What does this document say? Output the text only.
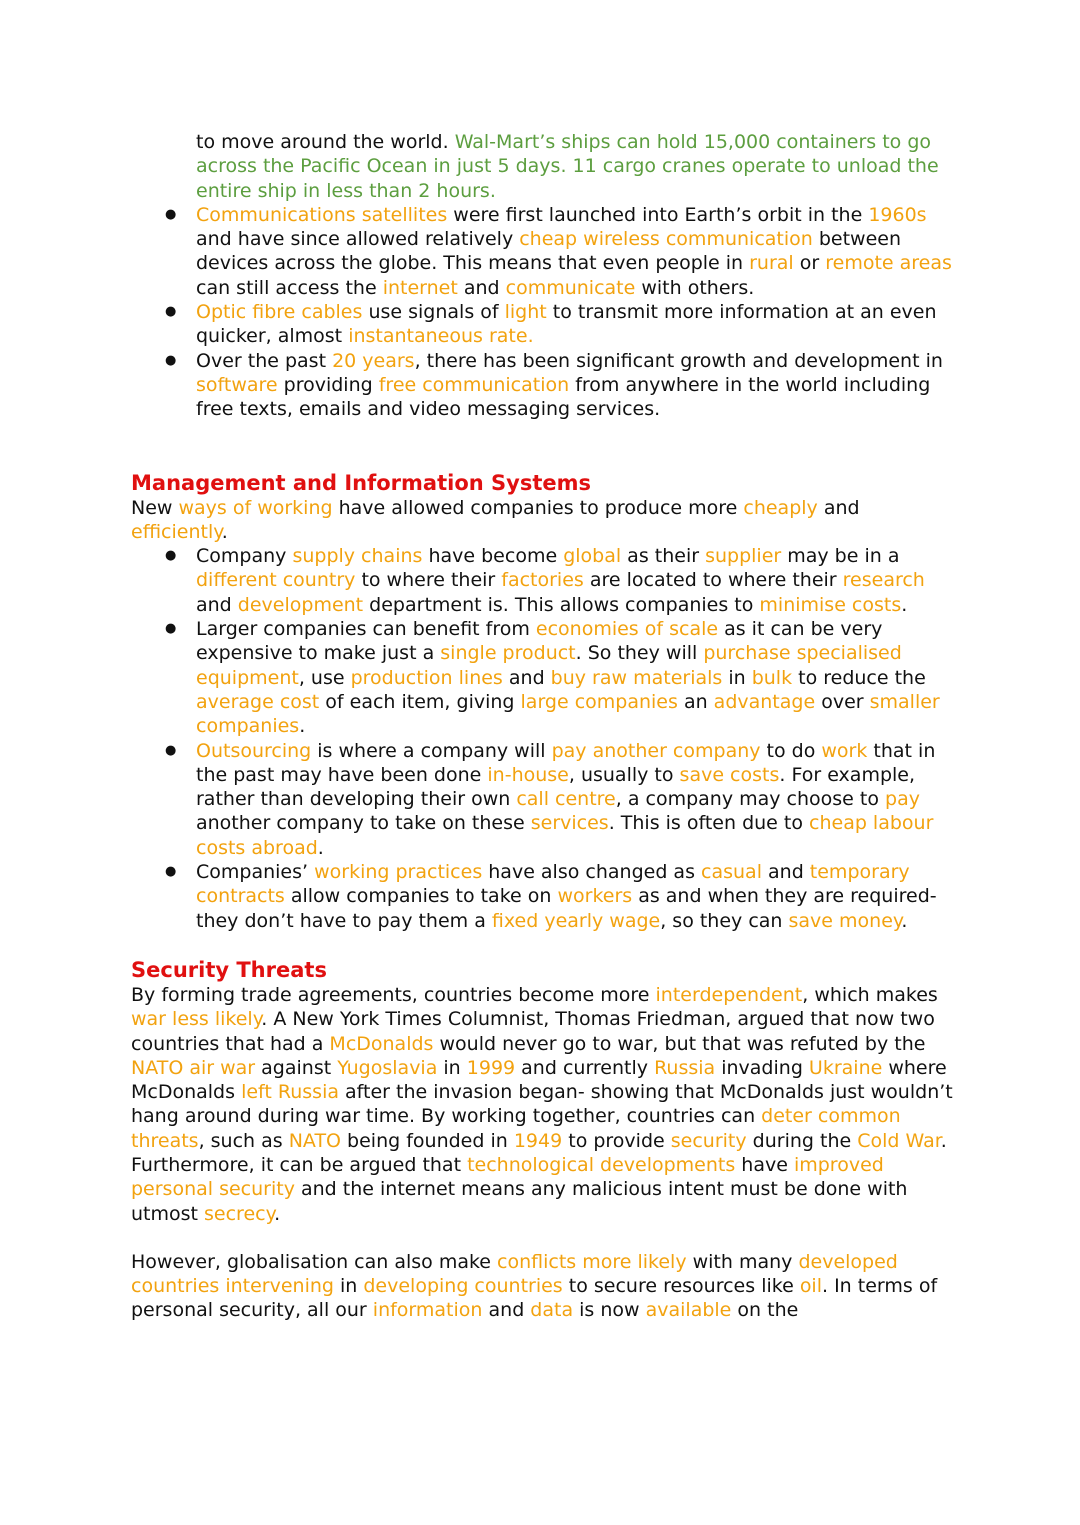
to move around the world. Wal-Mart’s ships can hold 15,000 containers to go across the Pacific Ocean in just 5 days. 11 cargo cranes operate to unload the entire ship in less than 2 hours.
● Communications satellites were first launched into Earth’s orbit in the 1960s and have since allowed relatively cheap wireless communication between devices across the globe. This means that even people in rural or remote areas can still access the internet and communicate with others.
● Optic fibre cables use signals of light to transmit more information at an even quicker, almost instantaneous rate.
● Over the past 20 years, there has been significant growth and development in software providing free communication from anywhere in the world including free texts, emails and video messaging services.
Management and Information Systems

New ways of working have allowed companies to produce more cheaply and efficiently.

● Company supply chains have become global as their supplier may be in a different country to where their factories are located to where their research and development department is. This allows companies to minimise costs.
● Larger companies can benefit from economies of scale as it can be very expensive to make just a single product. So they will purchase specialised equipment, use production lines and buy raw materials in bulk to reduce the average cost of each item, giving large companies an advantage over smaller companies.
● Outsourcing is where a company will pay another company to do work that in the past may have been done in-house, usually to save costs. For example, rather than developing their own call centre, a company may choose to pay another company to take on these services. This is often due to cheap labour costs abroad.
● Companies’ working practices have also changed as casual and temporary contracts allow companies to take on workers as and when they are required- they don’t have to pay them a fixed yearly wage, so they can save money.
Security Threats

By forming trade agreements, countries become more interdependent, which makes war less likely. A New York Times Columnist, Thomas Friedman, argued that now two countries that had a McDonalds would never go to war, but that was refuted by the NATO air war against Yugoslavia in 1999 and currently Russia invading Ukraine where McDonalds left Russia after the invasion began- showing that McDonalds just wouldn’t hang around during war time. By working together, countries can deter common threats, such as NATO being founded in 1949 to provide security during the Cold War. Furthermore, it can be argued that technological developments have improved personal security and the internet means any malicious intent must be done with utmost secrecy.

However, globalisation can also make conflicts more likely with many developed countries intervening in developing countries to secure resources like oil. In terms of personal security, all our information and data is now available on the
